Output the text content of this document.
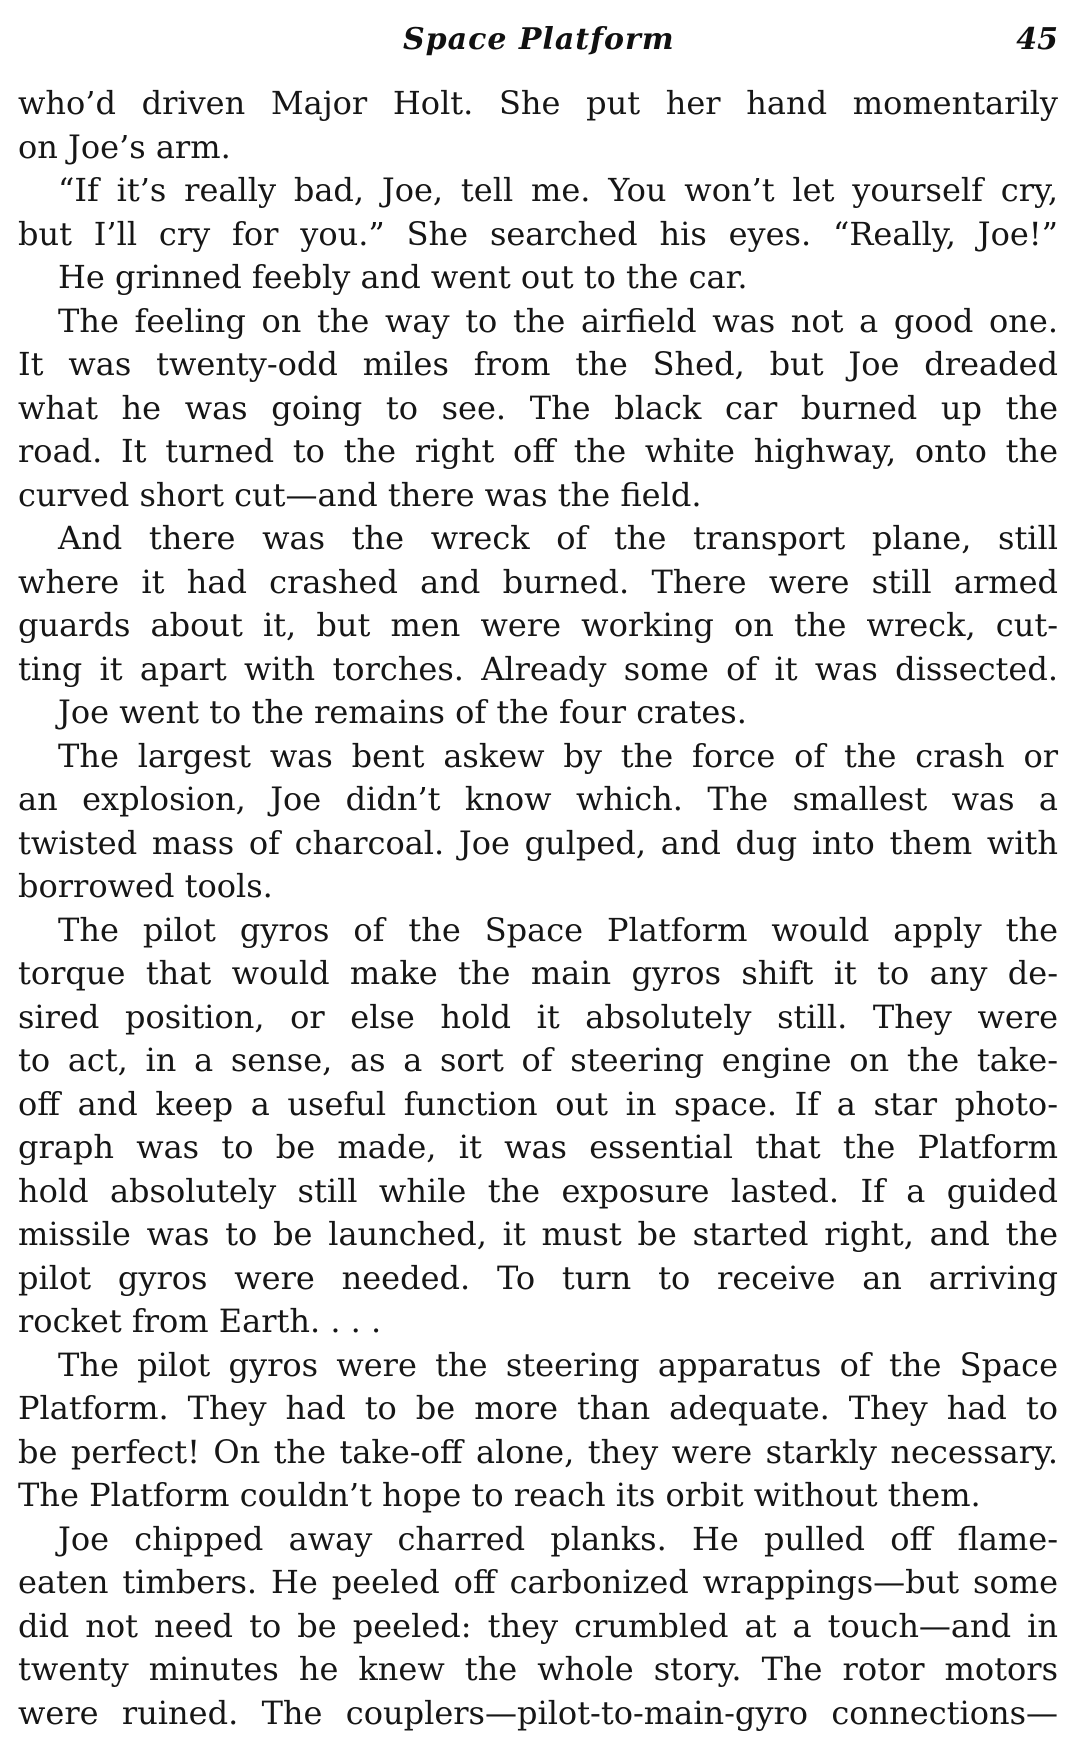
Space Platform	45
who’d driven Major Holt. She put her hand momentarily
on Joe’s arm.
“If it’s really bad, Joe, tell me. You won’t let yourself cry,
but I’ll cry for you.” She searched his eyes. “Really, Joe!”
He grinned feebly and went out to the car.
The feeling on the way to the airfield was not a good one.
It was twenty-odd miles from the Shed, but Joe dreaded
what he was going to see. The black car burned up the
road. It turned to the right off the white highway, onto the
curved short cut—and there was the field.
And there was the wreck of the transport plane, still
where it had crashed and burned. There were still armed
guards about it, but men were working on the wreck, cut-
ting it apart with torches. Already some of it was dissected.
Joe went to the remains of the four crates.
The largest was bent askew by the force of the crash or
an explosion, Joe didn’t know which. The smallest was a
twisted mass of charcoal. Joe gulped, and dug into them with
borrowed tools.
The pilot gyros of the Space Platform would apply the
torque that would make the main gyros shift it to any de-
sired position, or else hold it absolutely still. They were
to act, in a sense, as a sort of steering engine on the take-
off and keep a useful function out in space. If a star photo-
graph was to be made, it was essential that the Platform
hold absolutely still while the exposure lasted. If a guided
missile was to be launched, it must be started right, and the
pilot gyros were needed. To turn to receive an arriving
rocket from Earth. . . .
The pilot gyros were the steering apparatus of the Space
Platform. They had to be more than adequate. They had to
be perfect! On the take-off alone, they were starkly necessary.
The Platform couldn’t hope to reach its orbit without them.
Joe chipped away charred planks. He pulled off flame-
eaten timbers. He peeled off carbonized wrappings—but some
did not need to be peeled: they crumbled at a touch—and in
twenty minutes he knew the whole story. The rotor motors
were ruined. The couplers—pilot-to-main-gyro connections—
